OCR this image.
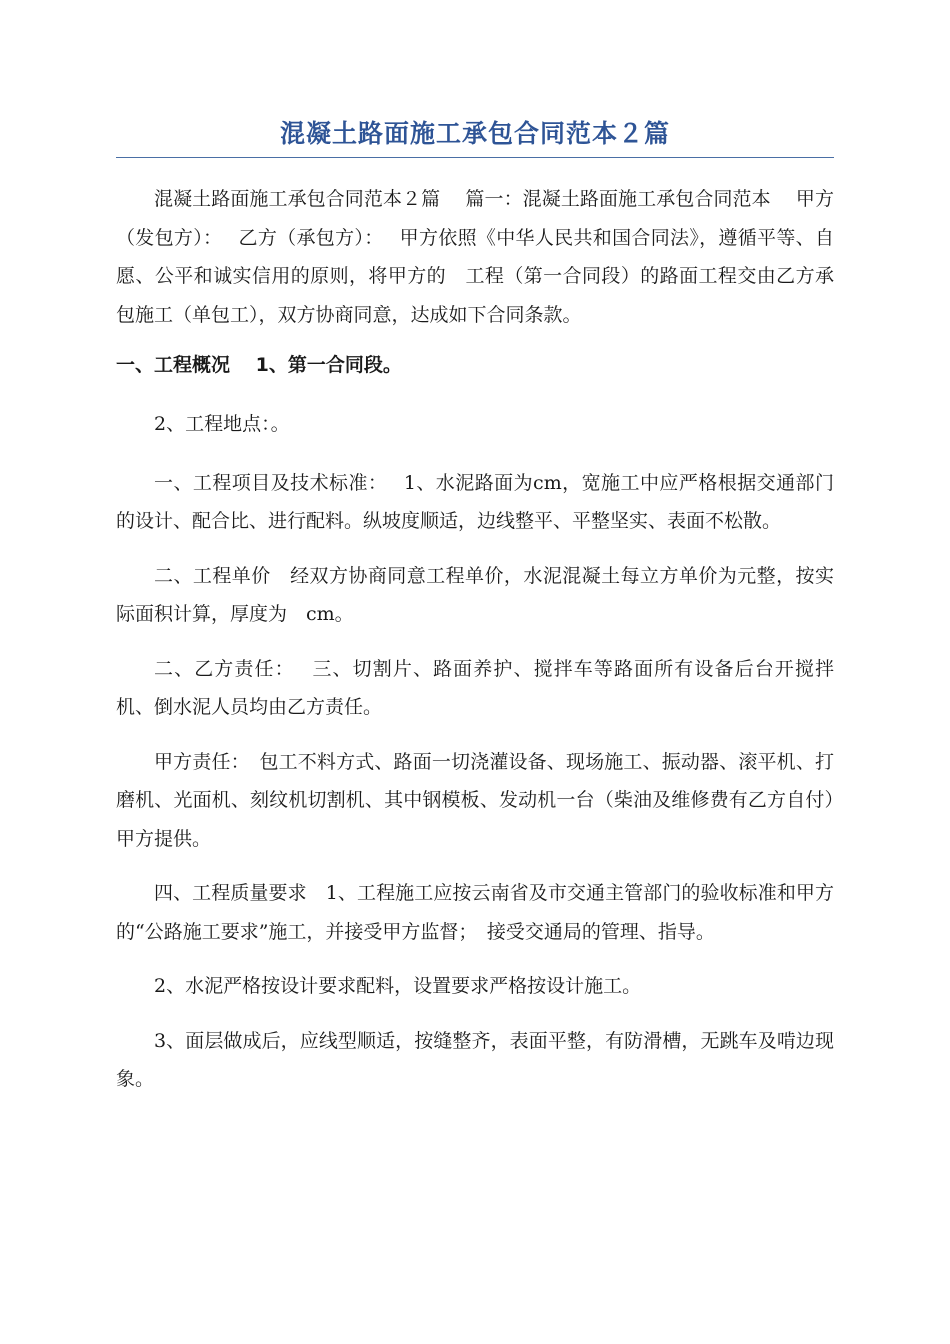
混凝土路面施工承包合同范本２篇

混凝土路面施工承包合同范本２篇　 篇一：混凝土路面施工承包合同范本　 甲方（发包方）：　 乙方（承包方）：　 甲方依照《中华人民共和国合同法》，遵循平等、自愿、公平和诚实信用的原则，将甲方的　工程（第一合同段）的路面工程交由乙方承包施工（单包工），双方协商同意，达成如下合同条款。

一、工程概况　 1、第一合同段。

2、工程地点：。

一、工程项目及技术标准：　 1、水泥路面为cm，宽施工中应严格根据交通部门的设计、配合比、进行配料。纵坡度顺适，边线整平、平整坚实、表面不松散。

二、工程单价　经双方协商同意工程单价，水泥混凝土每立方单价为元整，按实际面积计算，厚度为　cm。

二、乙方责任：　 三、切割片、路面养护、搅拌车等路面所有设备后台开搅拌机、倒水泥人员均由乙方责任。

甲方责任：　包工不料方式、路面一切浇灌设备、现场施工、振动器、滚平机、打磨机、光面机、刻纹机切割机、其中钢模板、发动机一台（柴油及维修费有乙方自付）甲方提供。

四、工程质量要求　1、工程施工应按云南省及市交通主管部门的验收标准和甲方的“公路施工要求”施工，并接受甲方监督；　接受交通局的管理、指导。

2、水泥严格按设计要求配料，设置要求严格按设计施工。

3、面层做成后，应线型顺适，按缝整齐，表面平整，有防滑槽，无跳车及啃边现象。
